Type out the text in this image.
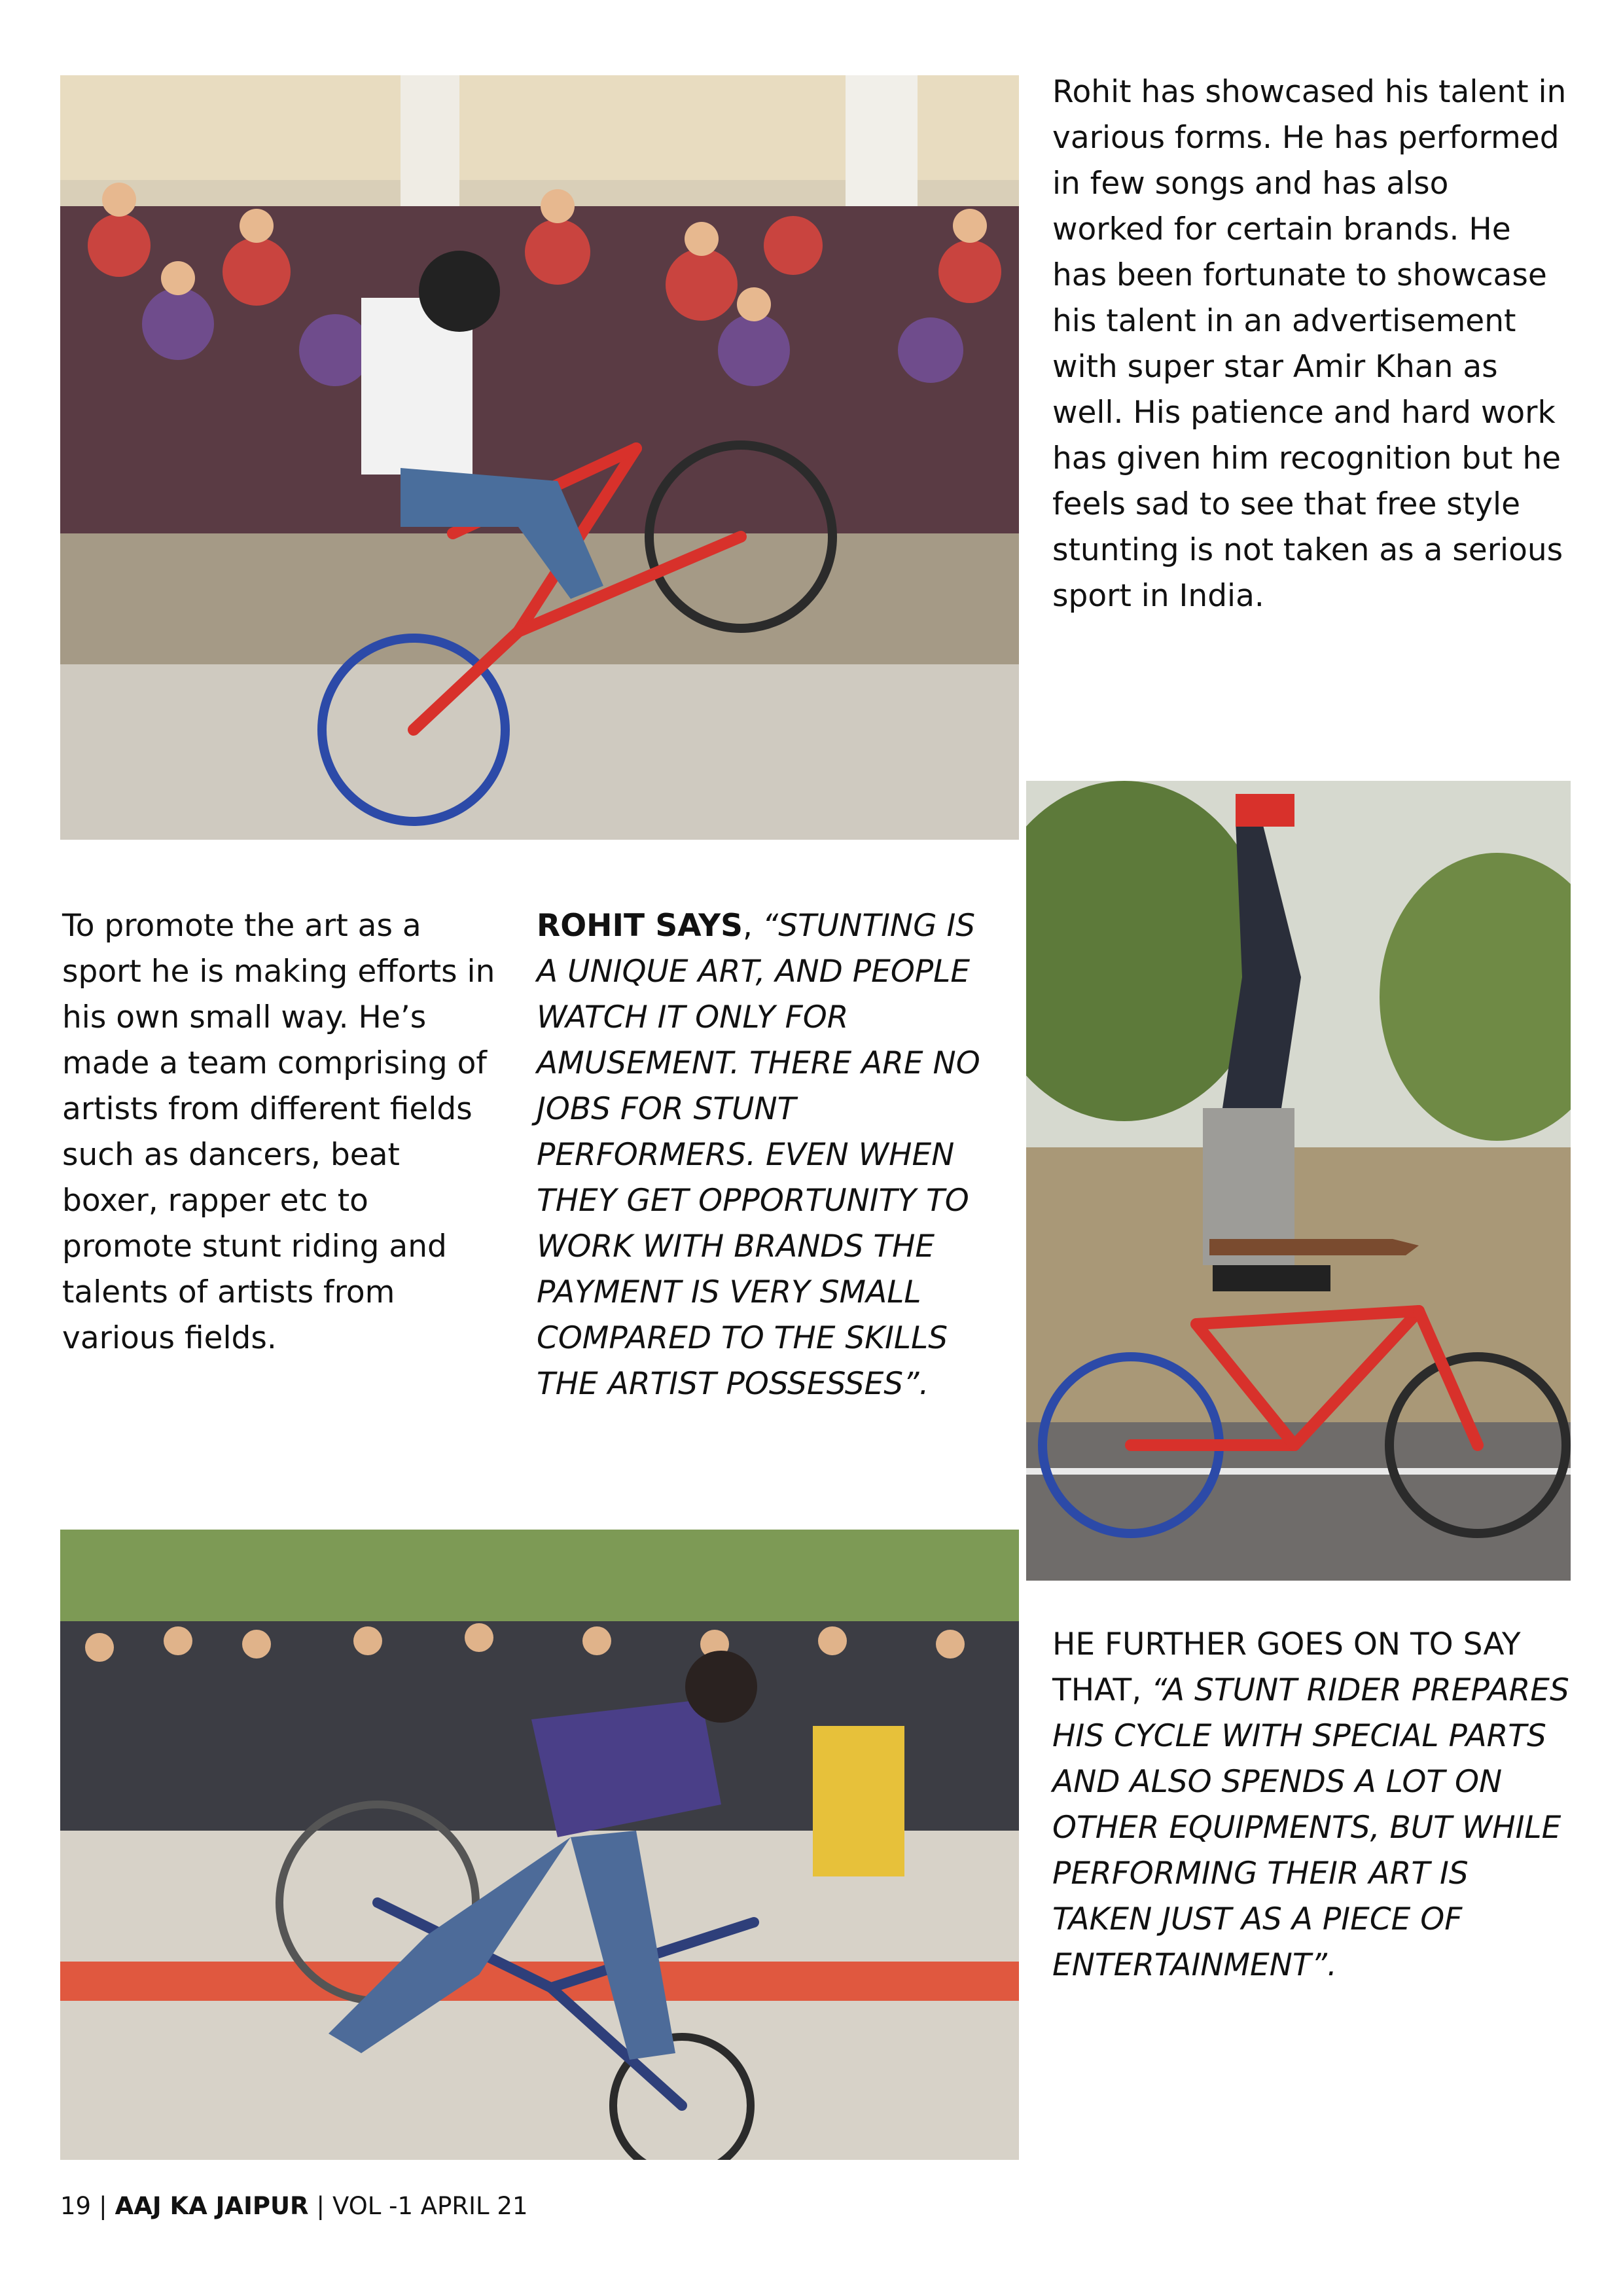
Rohit has showcased his talent in various forms. He has performed in few songs and has also worked for certain brands. He has been fortunate to showcase his talent in an advertisement with super star Amir Khan as well. His patience and hard work has given him recognition but he feels sad to see that free style stunting is not taken as a serious sport in India.

To promote the art as a sport he is making efforts in his own small way. He’s made a team comprising of artists from different fields such as dancers, beat boxer, rapper etc to promote stunt riding and talents of artists from various fields.

ROHIT SAYS, “STUNTING IS A UNIQUE ART, AND PEOPLE WATCH IT ONLY FOR AMUSEMENT. THERE ARE NO JOBS FOR STUNT PERFORMERS. EVEN WHEN THEY GET OPPORTUNITY TO WORK WITH BRANDS THE PAYMENT IS VERY SMALL COMPARED TO THE SKILLS THE ARTIST POSSESSES”.

HE FURTHER GOES ON TO SAY THAT, “A STUNT RIDER PREPARES HIS CYCLE WITH SPECIAL PARTS AND ALSO SPENDS A LOT ON OTHER EQUIPMENTS, BUT WHILE PERFORMING THEIR ART IS TAKEN JUST AS A PIECE OF ENTERTAINMENT”.

19 | AAJ KA JAIPUR | VOL -1 APRIL 21
